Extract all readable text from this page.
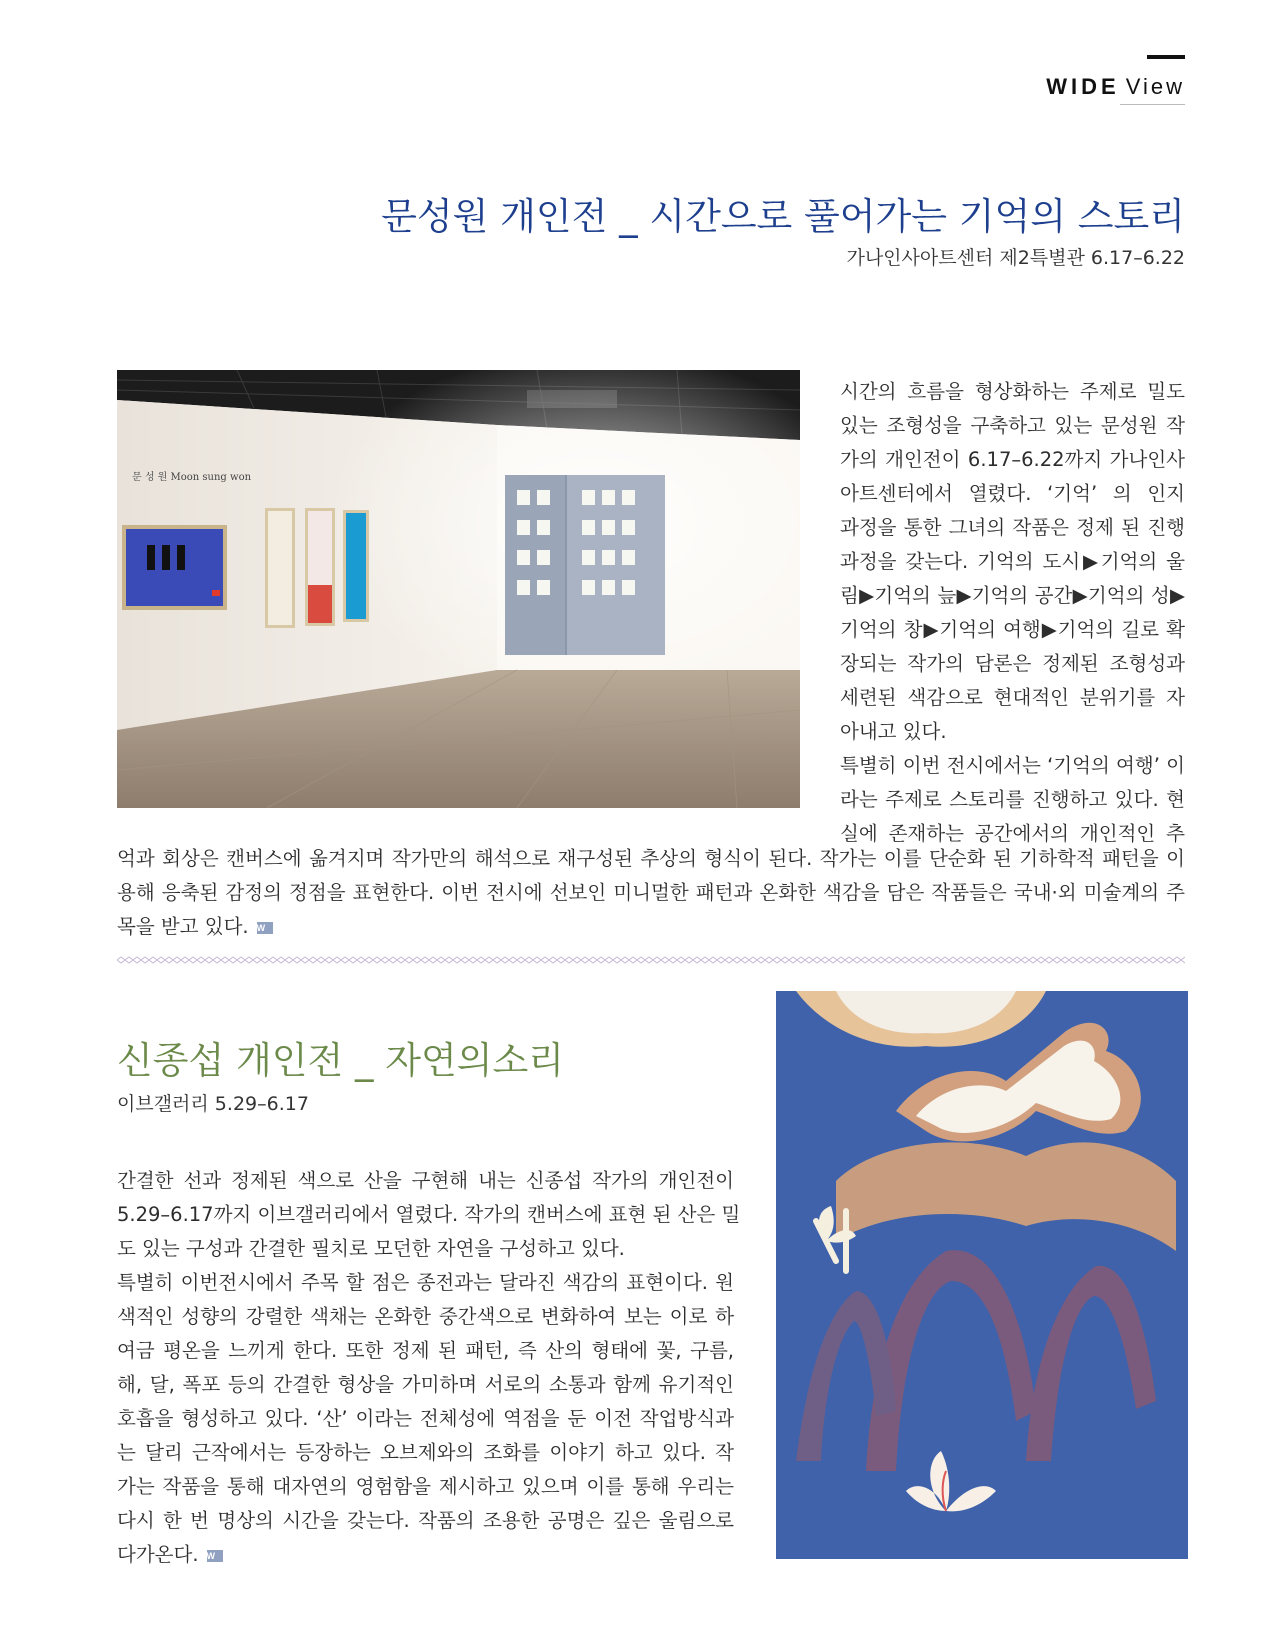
WIDE View
문성원 개인전 _ 시간으로 풀어가는 기억의 스토리
가나인사아트센터 제2특별관 6.17–6.22
문 성 원 Moon sung won
시간의 흐름을 형상화하는 주제로 밀도
있는 조형성을 구축하고 있는 문성원 작
가의 개인전이 6.17–6.22까지 가나인사
아트센터에서 열렸다. ‘기억’ 의 인지
과정을 통한 그녀의 작품은 정제 된 진행
과정을 갖는다. 기억의 도시▶기억의 울
림▶기억의 늪▶기억의 공간▶기억의 성▶
기억의 창▶기억의 여행▶기억의 길로 확
장되는 작가의 담론은 정제된 조형성과
세련된 색감으로 현대적인 분위기를 자
아내고 있다.
특별히 이번 전시에서는 ‘기억의 여행’ 이
라는 주제로 스토리를 진행하고 있다. 현
실에 존재하는 공간에서의 개인적인 추
억과 회상은 캔버스에 옮겨지며 작가만의 해석으로 재구성된 추상의 형식이 된다. 작가는 이를 단순화 된 기하학적 패턴을 이
용해 응축된 감정의 정점을 표현한다. 이번 전시에 선보인 미니멀한 패턴과 온화한 색감을 담은 작품들은 국내·외 미술계의 주
목을 받고 있다. W
신종섭 개인전 _ 자연의소리
이브갤러리 5.29–6.17
간결한 선과 정제된 색으로 산을 구현해 내는 신종섭 작가의 개인전이
5.29–6.17까지 이브갤러리에서 열렸다. 작가의 캔버스에 표현 된 산은 밀
도 있는 구성과 간결한 필치로 모던한 자연을 구성하고 있다.
특별히 이번전시에서 주목 할 점은 종전과는 달라진 색감의 표현이다. 원
색적인 성향의 강렬한 색채는 온화한 중간색으로 변화하여 보는 이로 하
여금 평온을 느끼게 한다. 또한 정제 된 패턴, 즉 산의 형태에 꽃, 구름,
해, 달, 폭포 등의 간결한 형상을 가미하며 서로의 소통과 함께 유기적인
호흡을 형성하고 있다. ‘산’ 이라는 전체성에 역점을 둔 이전 작업방식과
는 달리 근작에서는 등장하는 오브제와의 조화를 이야기 하고 있다. 작
가는 작품을 통해 대자연의 영험함을 제시하고 있으며 이를 통해 우리는
다시 한 번 명상의 시간을 갖는다. 작품의 조용한 공명은 깊은 울림으로
다가온다. W
